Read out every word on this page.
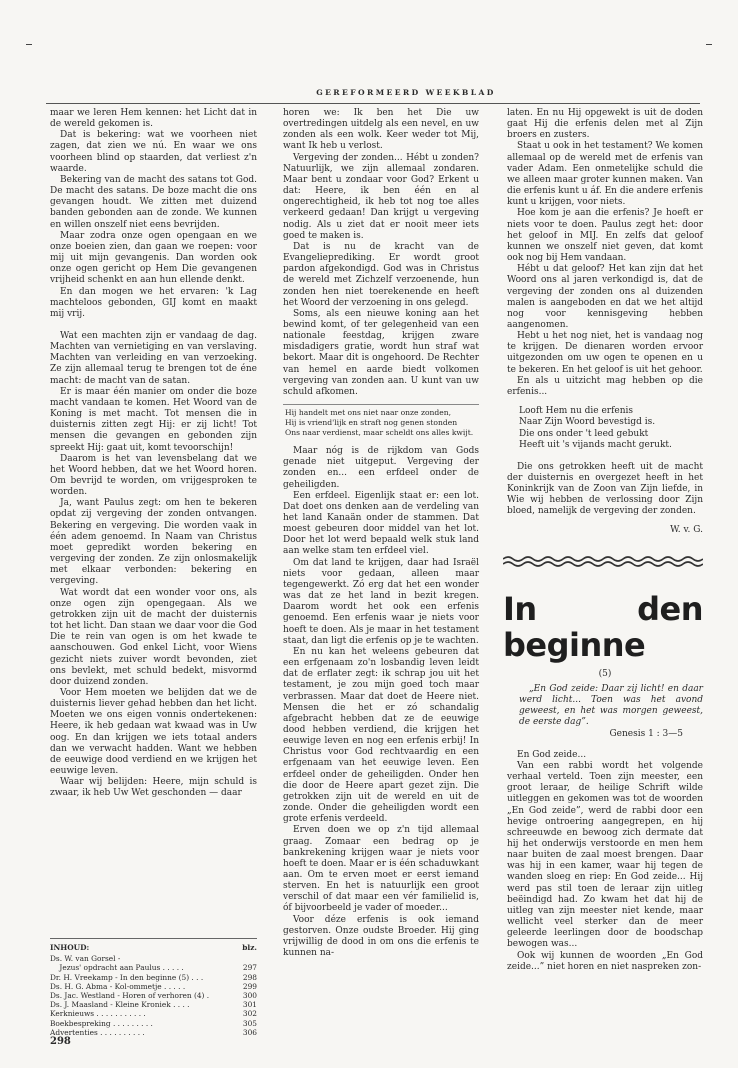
GEREFORMEERD WEEKBLAD

maar we leren Hem kennen: het Licht dat in de wereld gekomen is.

Dat is bekering: wat we voorheen niet zagen, dat zien we nú. En waar we ons voorheen blind op staarden, dat verliest z'n waarde.

Bekering van de macht des satans tot God. De macht des satans. De boze macht die ons gevangen houdt. We zitten met duizend banden gebonden aan de zonde. We kunnen en willen onszelf niet eens bevrijden.

Maar zodra onze ogen opengaan en we onze boeien zien, dan gaan we roepen: voor mij uit mijn gevangenis. Dan worden ook onze ogen gericht op Hem Die gevangenen vrijheid schenkt en aan hun ellende denkt.

En dan mogen we het ervaren: 'k Lag machteloos gebonden, GIJ komt en maakt mij vrij.

Wat een machten zijn er vandaag de dag. Machten van vernietiging en van verslaving. Machten van verleiding en van verzoeking. Ze zijn allemaal terug te brengen tot de éne macht: de macht van de satan.

Er is maar één manier om onder die boze macht vandaan te komen. Het Woord van de Koning is met macht. Tot mensen die in duisternis zitten zegt Hij: er zij licht! Tot mensen die gevangen en gebonden zijn spreekt Hij: gaat uit, komt tevoorschijn!

Daarom is het van levensbelang dat we het Woord hebben, dat we het Woord horen. Om bevrijd te worden, om vrijgesproken te worden.

Ja, want Paulus zegt: om hen te bekeren opdat zij vergeving der zonden ontvangen. Bekering en vergeving. Die worden vaak in één adem genoemd. In Naam van Christus moet gepredikt worden bekering en vergeving der zonden. Ze zijn onlosmakelijk met elkaar verbonden: bekering en vergeving.

Wat wordt dat een wonder voor ons, als onze ogen zijn opengegaan. Als we getrokken zijn uit de macht der duisternis tot het licht. Dan staan we daar voor die God Die te rein van ogen is om het kwade te aanschouwen. God enkel Licht, voor Wiens gezicht niets zuiver wordt bevonden, ziet ons bevlekt, met schuld bedekt, misvormd door duizend zonden.

Voor Hem moeten we belijden dat we de duisternis liever gehad hebben dan het licht. Moeten we ons eigen vonnis ondertekenen: Heere, ik heb gedaan wat kwaad was in Uw oog. En dan krijgen we iets totaal anders dan we verwacht hadden. Want we hebben de eeuwige dood verdiend en we krijgen het eeuwige leven.

Waar wij belijden: Heere, mijn schuld is zwaar, ik heb Uw Wet geschonden — daar

INHOUD:	blz.
Ds. W. van Gorsel -
Jezus' opdracht aan Paulus . . . . .	297
Dr. H. Vreekamp - In den beginne (5) . . .	298
Ds. H. G. Abma - Kol-ommetje . . . . .	299
Ds. Jac. Westland - Horen of verhoren (4) .	300
Ds. J. Maasland - Kleine Kroniek . . . .	301
Kerknieuws . . . . . . . . . . .	302
Boekbespreking . . . . . . . . .	305
Advertenties . . . . . . . . . .	306
298

horen we: Ik ben het Die uw overtredingen uitdelg als een nevel, en uw zonden als een wolk. Keer weder tot Mij, want Ik heb u verlost.

Vergeving der zonden... Hébt u zonden? Natuurlijk, we zijn allemaal zondaren. Maar bent u zondaar voor God? Erkent u dat: Heere, ik ben één en al ongerechtigheid, ik heb tot nog toe alles verkeerd gedaan! Dan krijgt u vergeving nodig. Als u ziet dat er nooit meer iets goed te maken is.

Dat is nu de kracht van de Evangelieprediking. Er wordt groot pardon afgekondigd. God was in Christus de wereld met Zichzelf verzoenende, hun zonden hen niet toerekenende en heeft het Woord der verzoening in ons gelegd.

Soms, als een nieuwe koning aan het bewind komt, of ter gelegenheid van een nationale feestdag, krijgen zware misdadigers gratie, wordt hun straf wat bekort. Maar dit is ongehoord. De Rechter van hemel en aarde biedt volkomen vergeving van zonden aan. U kunt van uw schuld afkomen.

Hij handelt met ons niet naar onze zonden,
Hij is vriend'lijk en straft nog genen stonden
Ons naar verdienst, maar scheldt ons alles kwijt.

Maar nóg is de rijkdom van Gods genade niet uitgeput. Vergeving der zonden en... een erfdeel onder de geheiligden.

Een erfdeel. Eigenlijk staat er: een lot. Dat doet ons denken aan de verdeling van het land Kanaän onder de stammen. Dat moest gebeuren door middel van het lot. Door het lot werd bepaald welk stuk land aan welke stam ten erfdeel viel.

Om dat land te krijgen, daar had Israël niets voor gedaan, alleen maar tegengewerkt. Zó erg dat het een wonder was dat ze het land in bezit kregen. Daarom wordt het ook een erfenis genoemd. Een erfenis waar je niets voor hoeft te doen. Als je maar in het testament staat, dan ligt die erfenis op je te wachten.

En nu kan het weleens gebeuren dat een erfgenaam zo'n losbandig leven leidt dat de erflater zegt: ik schrap jou uit het testament, je zou mijn goed toch maar verbrassen. Maar dat doet de Heere niet. Mensen die het er zó schandalig afgebracht hebben dat ze de eeuwige dood hebben verdiend, die krijgen het eeuwige leven en nog een erfenis erbij! In Christus voor God rechtvaardig en een erfgenaam van het eeuwige leven. Een erfdeel onder de geheiligden. Onder hen die door de Heere apart gezet zijn. Die getrokken zijn uit de wereld en uit de zonde. Onder die geheiligden wordt een grote erfenis verdeeld.

Erven doen we op z'n tijd allemaal graag. Zomaar een bedrag op je bankrekening krijgen waar je niets voor hoeft te doen. Maar er is één schaduwkant aan. Om te erven moet er eerst iemand sterven. En het is natuurlijk een groot verschil of dat maar een vér familielid is, óf bijvoorbeeld je vader of moeder...

Voor déze erfenis is ook iemand gestorven. Onze oudste Broeder. Hij ging vrijwillig de dood in om ons die erfenis te kunnen na-

laten. En nu Hij opgewekt is uit de doden gaat Hij die erfenis delen met al Zijn broers en zusters.

Staat u ook in het testament? We komen allemaal op de wereld met de erfenis van vader Adam. Een onmetelijke schuld die we alleen maar groter kunnen maken. Van die erfenis kunt u áf. En die andere erfenis kunt u krijgen, voor niets.

Hoe kom je aan die erfenis? Je hoeft er niets voor te doen. Paulus zegt het: door het geloof in MIJ. En zelfs dat geloof kunnen we onszelf niet geven, dat komt ook nog bij Hem vandaan.

Hébt u dat geloof? Het kan zijn dat het Woord ons al jaren verkondigd is, dat de vergeving der zonden ons al duizenden malen is aangeboden en dat we het altijd nog voor kennisgeving hebben aangenomen.

Hebt u het nog niet, het is vandaag nog te krijgen. De dienaren worden ervoor uitgezonden om uw ogen te openen en u te bekeren. En het geloof is uit het gehoor.

En als u uitzicht mag hebben op die erfenis...

Looft Hem nu die erfenis
Naar Zijn Woord bevestigd is.
Die ons onder 't leed gebukt
Heeft uit 's vijands macht gerukt.

Die ons getrokken heeft uit de macht der duisternis en overgezet heeft in het Koninkrijk van de Zoon van Zijn liefde, in Wie wij hebben de verlossing door Zijn bloed, namelijk de vergeving der zonden.

W. v. G.
In den beginne
(5)

„En God zeide: Daar zij licht! en daar werd licht... Toen was het avond geweest, en het was morgen geweest, de eerste dag”.

Genesis 1 : 3—5

En God zeide...

Van een rabbi wordt het volgende verhaal verteld. Toen zijn meester, een groot leraar, de heilige Schrift wilde uitleggen en gekomen was tot de woorden „En God zeide”, werd de rabbi door een hevige ontroering aangegrepen, en hij schreeuwde en bewoog zich dermate dat hij het onderwijs verstoorde en men hem naar buiten de zaal moest brengen. Daar was hij in een kamer, waar hij tegen de wanden sloeg en riep: En God zeide... Hij werd pas stil toen de leraar zijn uitleg beëindigd had. Zo kwam het dat hij de uitleg van zijn meester niet kende, maar wellicht veel sterker dan de meer geleerde leerlingen door de boodschap bewogen was...

Ook wij kunnen de woorden „En God zeide...” niet horen en niet naspreken zon-
